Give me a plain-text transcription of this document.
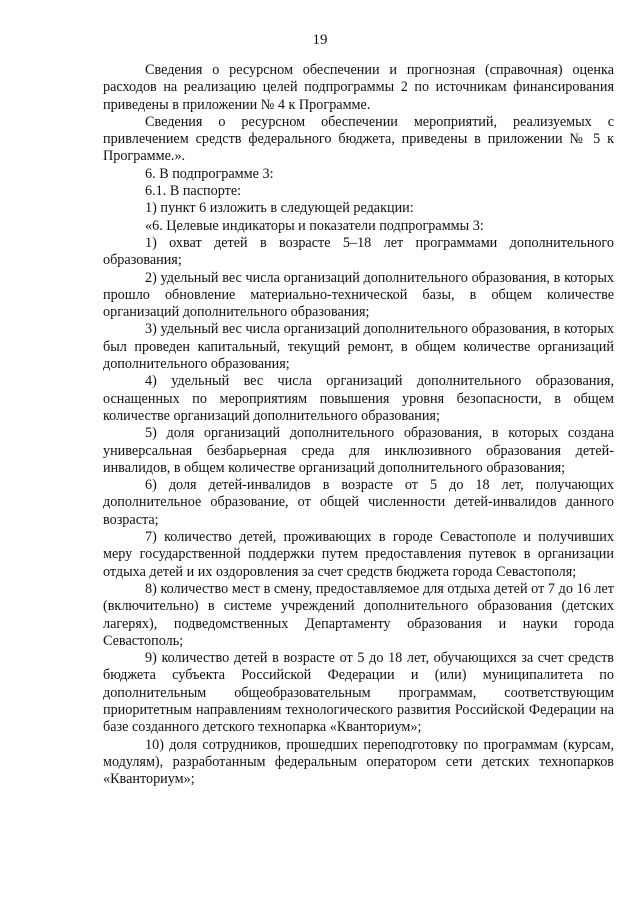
19

Сведения о ресурсном обеспечении и прогнозная (справочная) оценка расходов на реализацию целей подпрограммы 2 по источникам финансирования приведены в приложении № 4 к Программе.

Сведения о ресурсном обеспечении мероприятий, реализуемых с привлечением средств федерального бюджета, приведены в приложении № 5 к Программе.».

6. В подпрограмме 3:

6.1. В паспорте:

1) пункт 6 изложить в следующей редакции:

«6. Целевые индикаторы и показатели подпрограммы 3:

1) охват детей в возрасте 5–18 лет программами дополнительного образования;

2) удельный вес числа организаций дополнительного образования, в которых прошло обновление материально-технической базы, в общем количестве организаций дополнительного образования;

3) удельный вес числа организаций дополнительного образования, в которых был проведен капитальный, текущий ремонт, в общем количестве организаций дополнительного образования;

4) удельный вес числа организаций дополнительного образования, оснащенных по мероприятиям повышения уровня безопасности, в общем количестве организаций дополнительного образования;

5) доля организаций дополнительного образования, в которых создана универсальная безбарьерная среда для инклюзивного образования детей-инвалидов, в общем количестве организаций дополнительного образования;

6) доля детей-инвалидов в возрасте от 5 до 18 лет, получающих дополнительное образование, от общей численности детей-инвалидов данного возраста;

7) количество детей, проживающих в городе Севастополе и получивших меру государственной поддержки путем предоставления путевок в организации отдыха детей и их оздоровления за счет средств бюджета города Севастополя;

8) количество мест в смену, предоставляемое для отдыха детей от 7 до 16 лет (включительно) в системе учреждений дополнительного образования (детских лагерях), подведомственных Департаменту образования и науки города Севастополь;

9) количество детей в возрасте от 5 до 18 лет, обучающихся за счет средств бюджета субъекта Российской Федерации и (или) муниципалитета по дополнительным общеобразовательным программам, соответствующим приоритетным направлениям технологического развития Российской Федерации на базе созданного детского технопарка «Кванториум»;

10) доля сотрудников, прошедших переподготовку по программам (курсам, модулям), разработанным федеральным оператором сети детских технопарков «Кванториум»;
